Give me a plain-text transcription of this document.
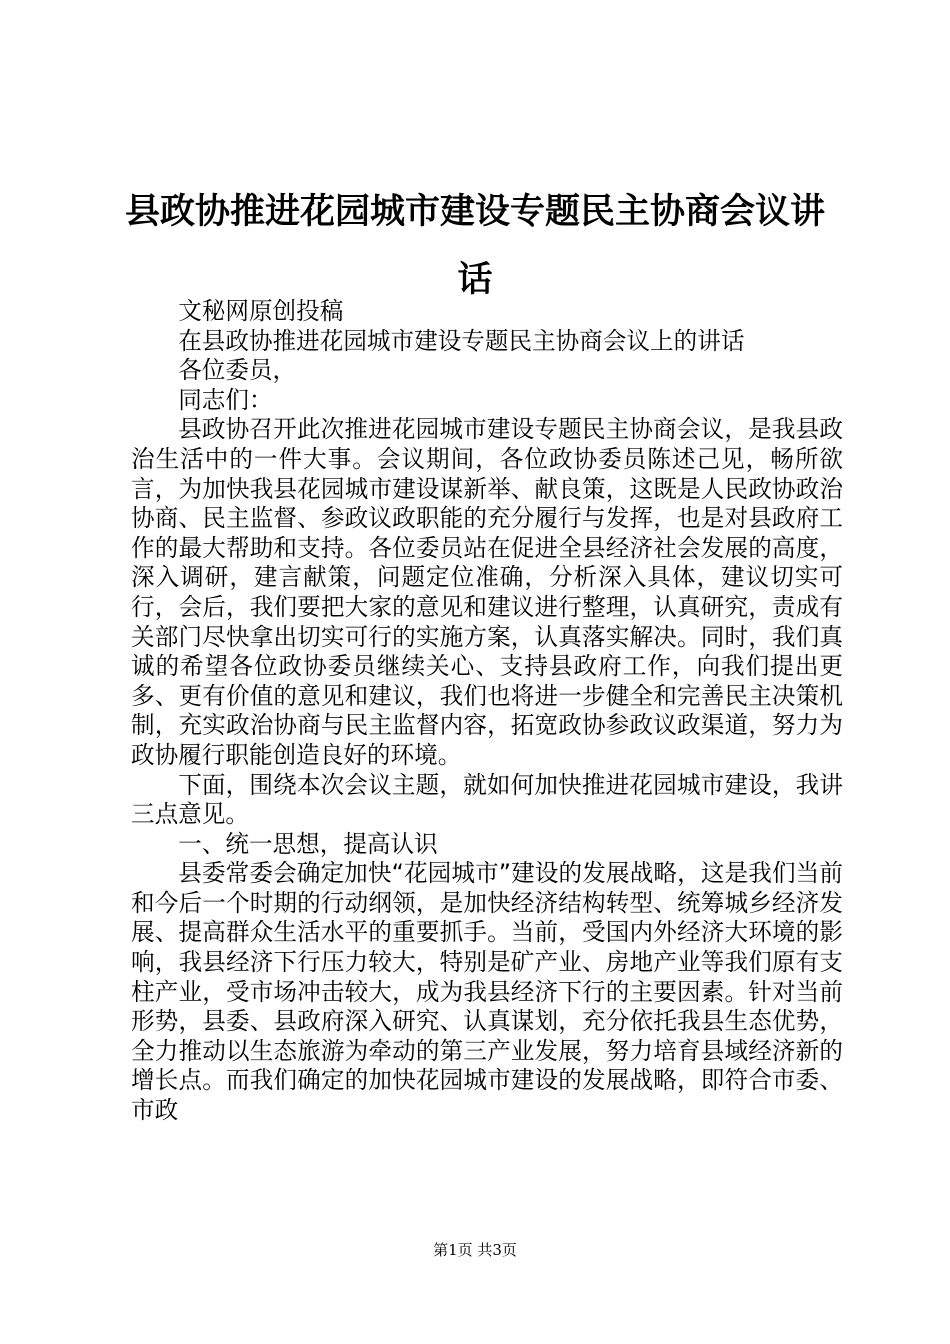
县政协推进花园城市建设专题民主协商会议讲话

文秘网原创投稿

在县政协推进花园城市建设专题民主协商会议上的讲话

各位委员，

同志们：

县政协召开此次推进花园城市建设专题民主协商会议，是我县政治生活中的一件大事。会议期间，各位政协委员陈述己见，畅所欲言，为加快我县花园城市建设谋新举、献良策，这既是人民政协政治协商、民主监督、参政议政职能的充分履行与发挥，也是对县政府工作的最大帮助和支持。各位委员站在促进全县经济社会发展的高度，深入调研，建言献策，问题定位准确，分析深入具体，建议切实可行，会后，我们要把大家的意见和建议进行整理，认真研究，责成有关部门尽快拿出切实可行的实施方案，认真落实解决。同时，我们真诚的希望各位政协委员继续关心、支持县政府工作，向我们提出更多、更有价值的意见和建议，我们也将进一步健全和完善民主决策机制，充实政治协商与民主监督内容，拓宽政协参政议政渠道，努力为政协履行职能创造良好的环境。

下面，围绕本次会议主题，就如何加快推进花园城市建设，我讲三点意见。

一、统一思想，提高认识

县委常委会确定加快“花园城市”建设的发展战略，这是我们当前和今后一个时期的行动纲领，是加快经济结构转型、统筹城乡经济发展、提高群众生活水平的重要抓手。当前，受国内外经济大环境的影响，我县经济下行压力较大，特别是矿产业、房地产业等我们原有支柱产业，受市场冲击较大，成为我县经济下行的主要因素。针对当前形势，县委、县政府深入研究、认真谋划，充分依托我县生态优势，全力推动以生态旅游为牵动的第三产业发展，努力培育县域经济新的增长点。而我们确定的加快花园城市建设的发展战略，即符合市委、市政

第1页 共3页
